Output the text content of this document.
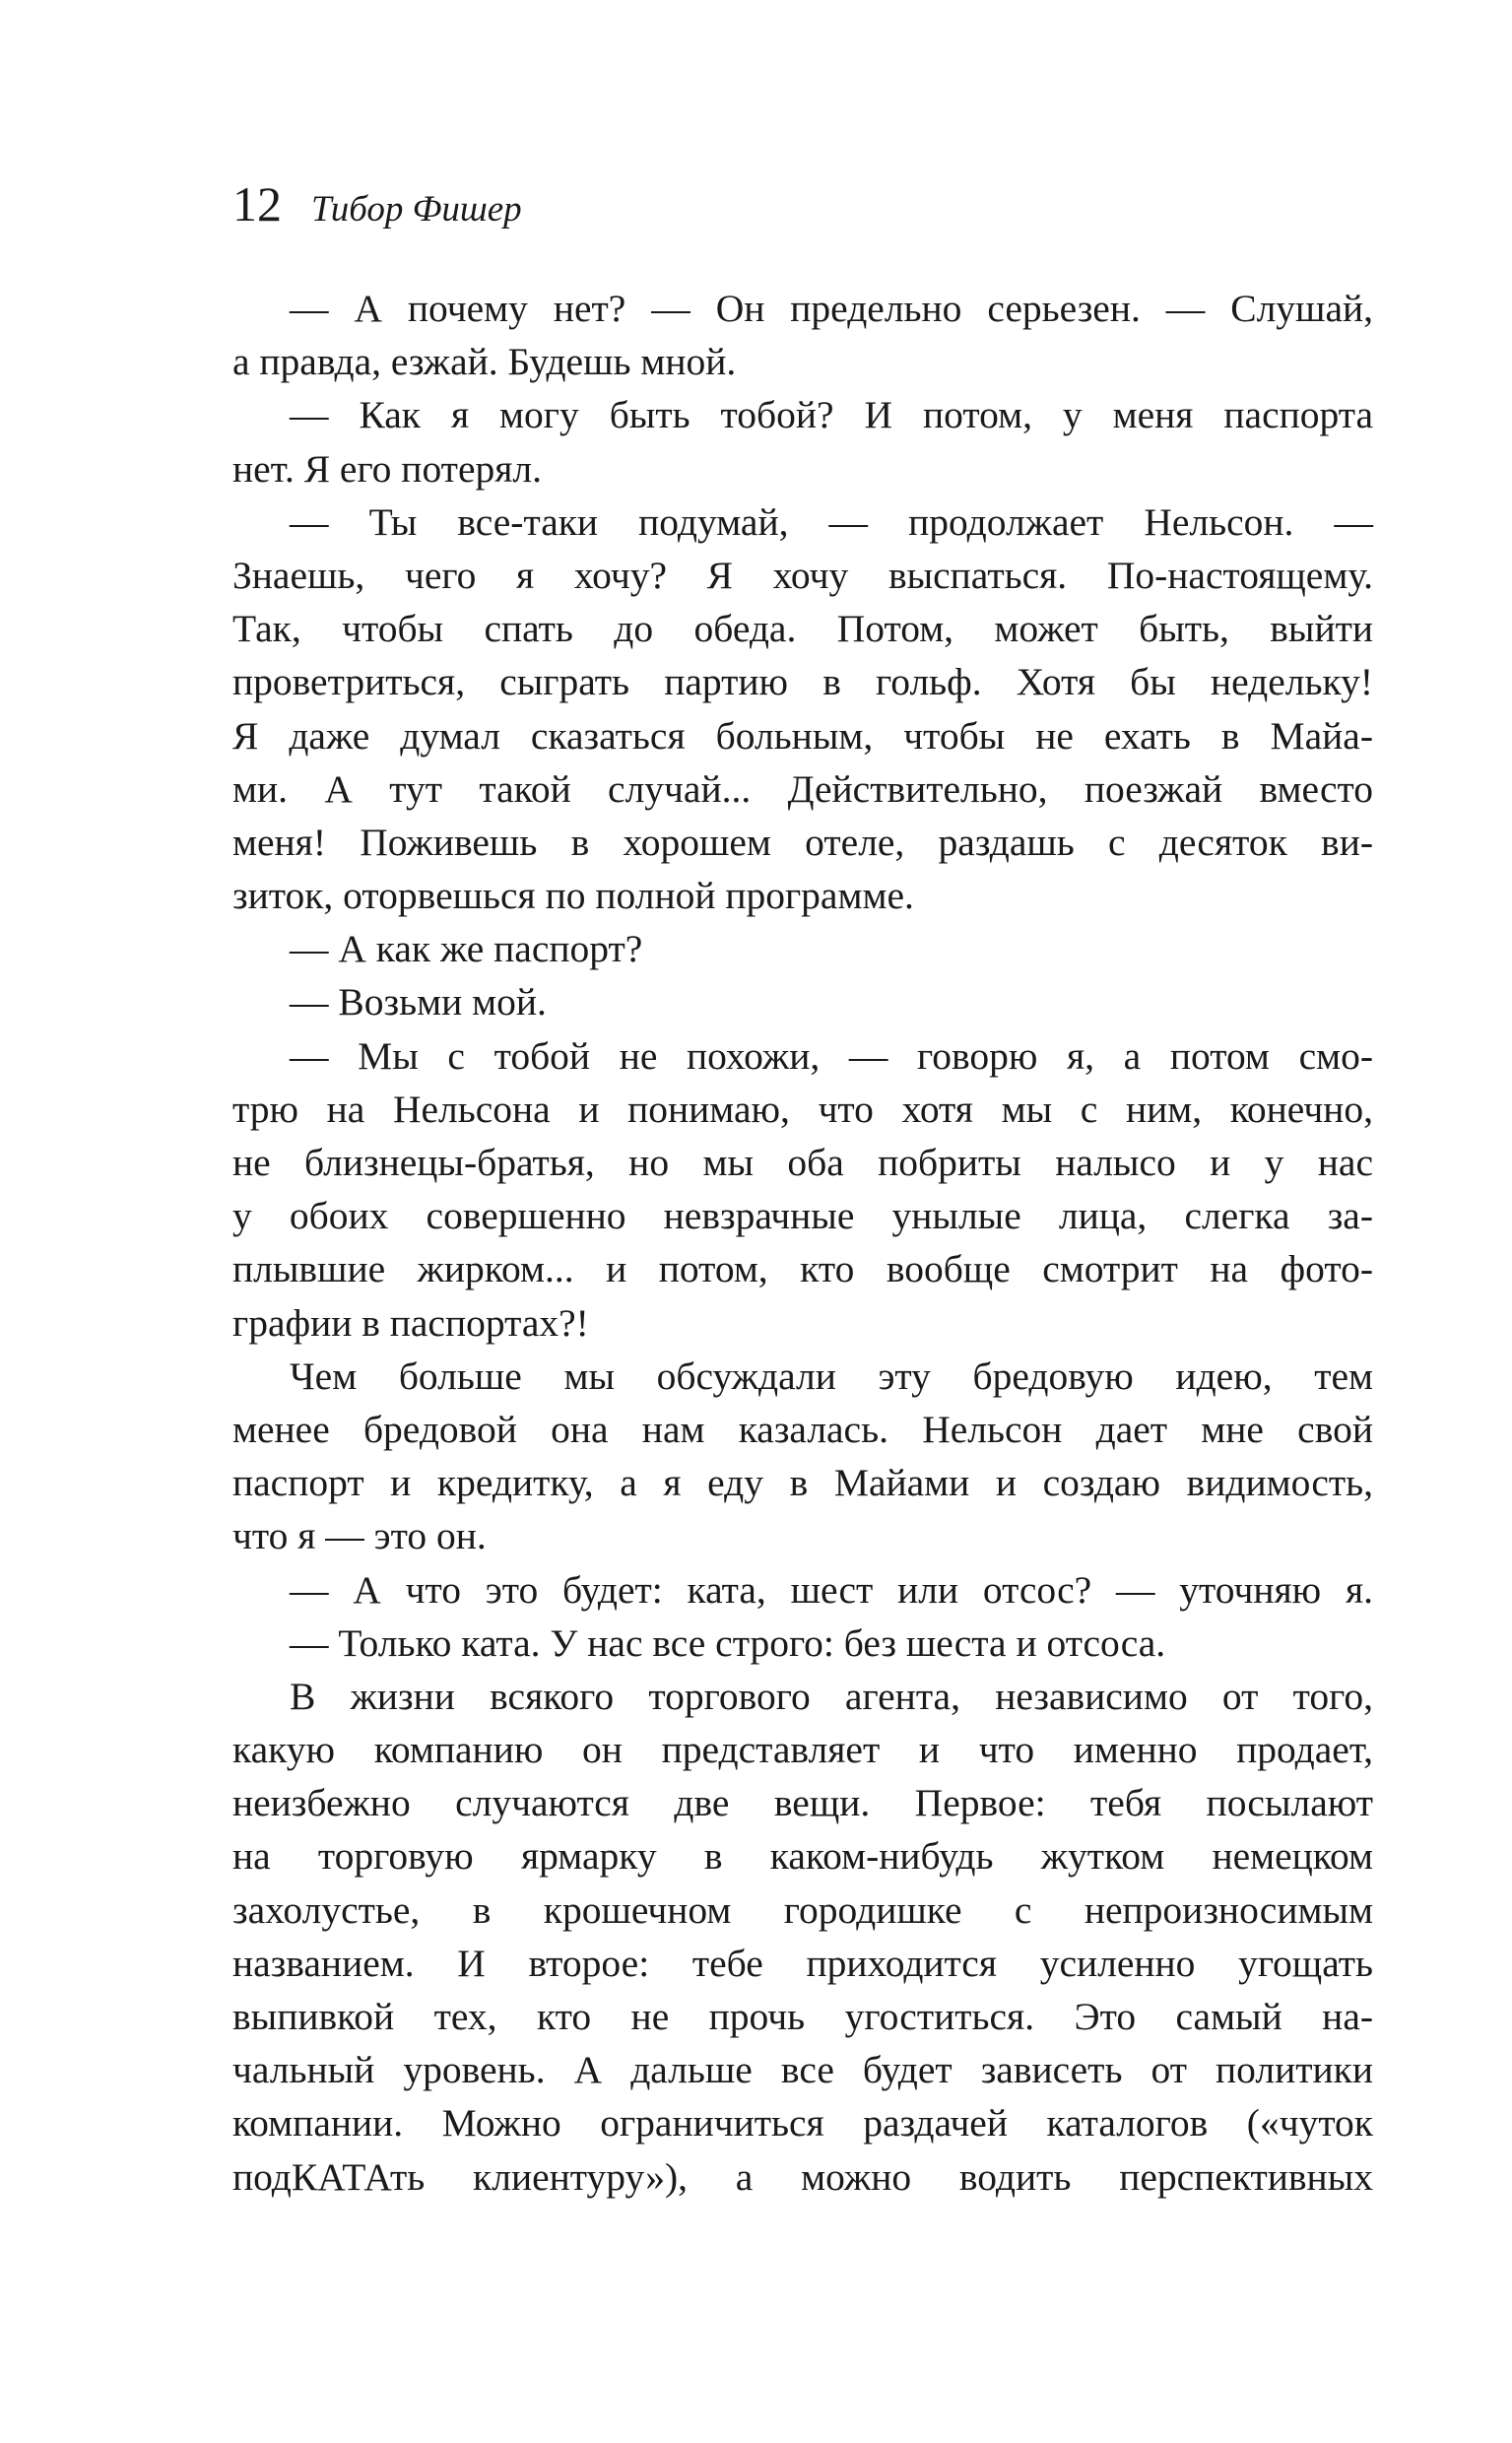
12 Тибор Фишер
— А почему нет? — Он предельно серьезен. — Слушай,
а правда, езжай. Будешь мной.
— Как я могу быть тобой? И потом, у меня паспорта
нет. Я его потерял.
— Ты все-таки подумай, — продолжает Нельсон. —
Знаешь, чего я хочу? Я хочу выспаться. По-настоящему.
Так, чтобы спать до обеда. Потом, может быть, выйти
проветриться, сыграть партию в гольф. Хотя бы недельку!
Я даже думал сказаться больным, чтобы не ехать в Майа-
ми. А тут такой случай... Действительно, поезжай вместо
меня! Поживешь в хорошем отеле, раздашь с десяток ви-
зиток, оторвешься по полной программе.
— А как же паспорт?
— Возьми мой.
— Мы с тобой не похожи, — говорю я, а потом смо-
трю на Нельсона и понимаю, что хотя мы с ним, конечно,
не близнецы-братья, но мы оба побриты налысо и у нас
у обоих совершенно невзрачные унылые лица, слегка за-
плывшие жирком... и потом, кто вообще смотрит на фото-
графии в паспортах?!
Чем больше мы обсуждали эту бредовую идею, тем
менее бредовой она нам казалась. Нельсон дает мне свой
паспорт и кредитку, а я еду в Майами и создаю видимость,
что я — это он.
— А что это будет: ката, шест или отсос? — уточняю я.
— Только ката. У нас все строго: без шеста и отсоса.
В жизни всякого торгового агента, независимо от того,
какую компанию он представляет и что именно продает,
неизбежно случаются две вещи. Первое: тебя посылают
на торговую ярмарку в каком-нибудь жутком немецком
захолустье, в крошечном городишке с непроизносимым
названием. И второе: тебе приходится усиленно угощать
выпивкой тех, кто не прочь угоститься. Это самый на-
чальный уровень. А дальше все будет зависеть от политики
компании. Можно ограничиться раздачей каталогов («чуток
подКАТАть клиентуру»), а можно водить перспективных
